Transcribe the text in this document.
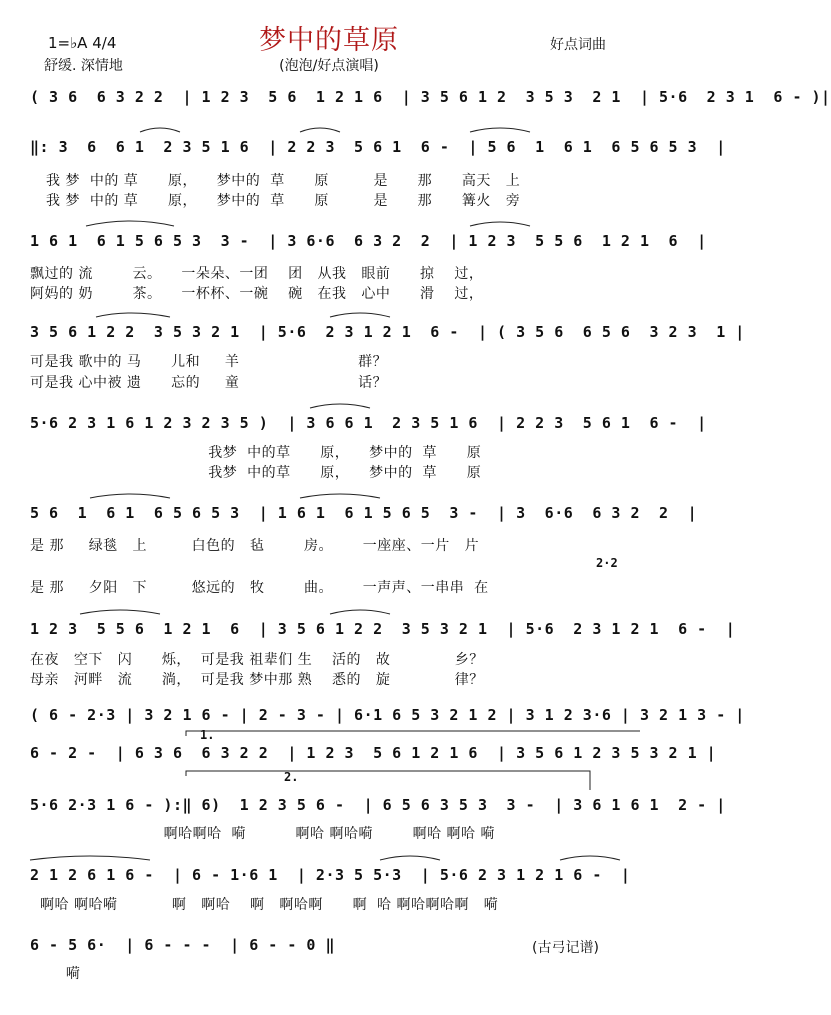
梦中的草原
(泡泡/好点演唱)
1=♭A 4/4
舒缓. 深情地
好点词曲
( 3 6  6 3 2 2  | 1 2 3  5 6  1 2 1 6  | 3 5 6 1 2  3 5 3  2 1  | 5·6  2 3 1  6 - )|
‖: 3  6  6 1  2 3 5 1 6  | 2 2 3  5 6 1  6 -  | 5 6  1  6 1  6 5 6 5 3  |
我 梦  中的 草      原，    梦中的  草      原         是      那      高天   上
我 梦  中的 草      原，    梦中的  草      原         是      那      篝火   旁
1 6 1  6 1 5 6 5 3  3 -  | 3 6·6  6 3 2  2  | 1 2 3  5 5 6  1 2 1  6  |
飘过的 流        云。    一朵朵、一团    团   从我   眼前      掠    过，
阿妈的 奶        茶。    一杯杯、一碗    碗   在我   心中      滑    过，
3 5 6 1 2 2  3 5 3 2 1  | 5·6  2 3 1 2 1  6 -  | ( 3 5 6  6 5 6  3 2 3  1 |
可是我 歌中的 马      儿和     羊                        群？
可是我 心中被 遗      忘的     童                        话？
5·6 2 3 1 6 1 2 3 2 3 5 )  | 3 6 6 1  2 3 5 1 6  | 2 2 3  5 6 1  6 -  |
我梦  中的草      原，    梦中的  草      原
我梦  中的草      原，    梦中的  草      原
5 6  1  6 1  6 5 6 5 3  | 1 6 1  6 1 5 6 5  3 -  | 3  6·6  6 3 2  2  |
是 那     绿毯   上         白色的   毡        房。      一座座、一片   片
2·2
是 那     夕阳   下         悠远的   牧        曲。      一声声、一串串  在
1 2 3  5 5 6  1 2 1  6  | 3 5 6 1 2 2  3 5 3 2 1  | 5·6  2 3 1 2 1  6 -  |
在夜   空下   闪      烁，  可是我 祖辈们 生    活的   故             乡？
母亲   河畔   流      淌，  可是我 梦中那 熟    悉的   旋             律？
( 6 - 2·3 | 3 2 1 6 - | 2 - 3 - | 6·1 6 5 3 2 1 2 | 3 1 2 3·6 | 3 2 1 3 - |
1.
6 - 2 -  | 6 3 6  6 3 2 2  | 1 2 3  5 6 1 2 1 6  | 3 5 6 1 2 3 5 3 2 1 |
2.
5·6 2·3 1 6 - ):‖ 6)  1 2 3 5 6 -  | 6 5 6 3 5 3  3 -  | 3 6 1 6 1  2 - |
啊哈啊哈  嗬          啊哈 啊哈嗬        啊哈 啊哈 嗬
2 1 2 6 1 6 -  | 6 - 1·6 1  | 2·3 5 5·3  | 5·6 2 3 1 2 1 6 -  |
啊哈 啊哈嗬           啊   啊哈    啊   啊哈啊      啊  哈 啊哈啊哈啊   嗬
6 - 5 6·  | 6 - - -  | 6 - - 0 ‖
嗬
(古弓记谱)
